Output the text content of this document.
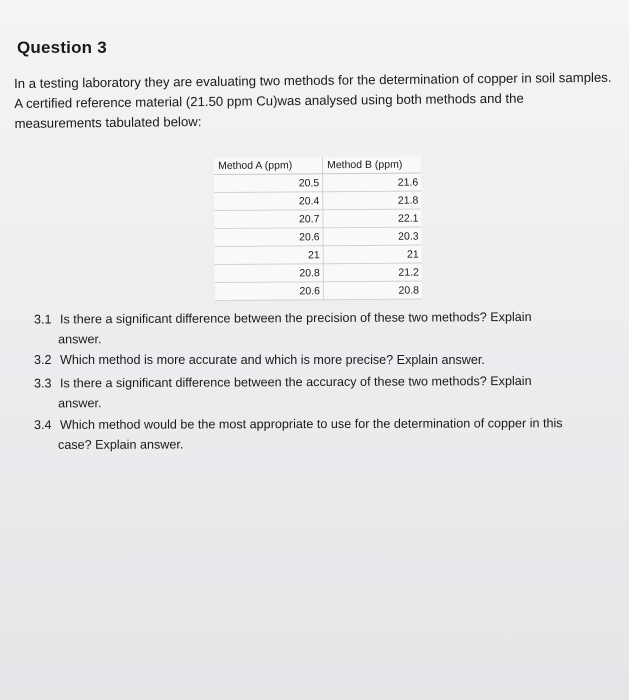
Question 3
In a testing laboratory they are evaluating two methods for the determination of copper in soil samples. A certified reference material (21.50 ppm Cu)was analysed using both methods and the measurements tabulated below:
Method A (ppm)	Method B (ppm)
20.5	21.6
20.4	21.8
20.7	22.1
20.6	20.3
21	21
20.8	21.2
20.6	20.8
3.1 Is there a significant difference between the precision of these two methods? Explain
answer.
3.2 Which method is more accurate and which is more precise? Explain answer.
3.3 Is there a significant difference between the accuracy of these two methods? Explain
answer.
3.4 Which method would be the most appropriate to use for the determination of copper in this
case? Explain answer.
